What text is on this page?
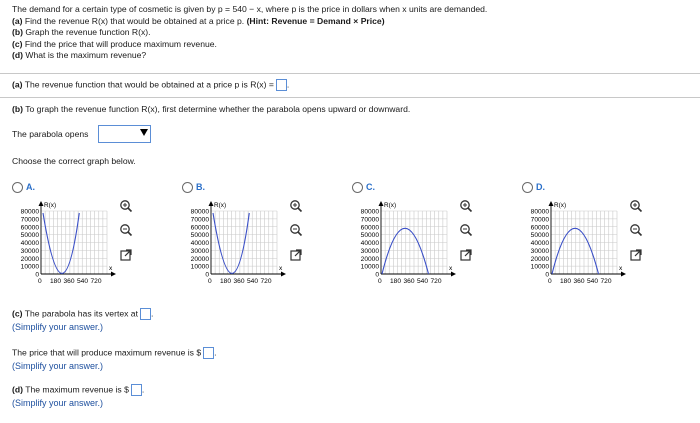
The demand for a certain type of cosmetic is given by p = 540 − x, where p is the price in dollars when x units are demanded.
(a) Find the revenue R(x) that would be obtained at a price p. (Hint: Revenue = Demand × Price)
(b) Graph the revenue function R(x).
(c) Find the price that will produce maximum revenue.
(d) What is the maximum revenue?
(a) The revenue function that would be obtained at a price p is R(x) = .
(b) To graph the revenue function R(x), first determine whether the parabola opens upward or downward.
The parabola opens
Choose the correct graph below.
A.
80000
70000
60000
50000
40000
30000
20000
10000
0
0 180 360 540 720
R(x)
x
B.
80000
70000
60000
50000
40000
30000
20000
10000
0
0 180 360 540 720
R(x)
x
C.
80000
70000
60000
50000
40000
30000
20000
10000
0
0 180 360 540 720
R(x)
x
D.
80000
70000
60000
50000
40000
30000
20000
10000
0
0 180 360 540 720
R(x)
x
(c) The parabola has its vertex at .
(Simplify your answer.)
The price that will produce maximum revenue is $ .
(Simplify your answer.)
(d) The maximum revenue is $ .
(Simplify your answer.)
